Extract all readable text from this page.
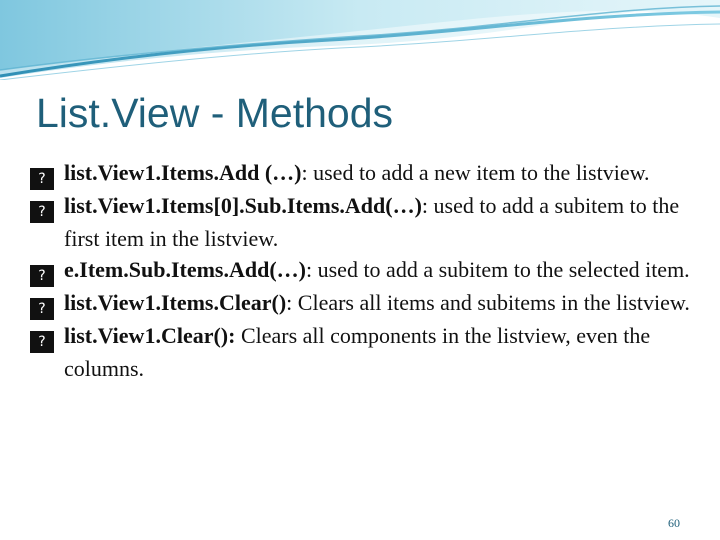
List.View - Methods
? list.View1.Items.Add (…): used to add a new item to the listview.
? list.View1.Items[0].Sub.Items.Add(…): used to add a subitem to the first item in the listview.
? e.Item.Sub.Items.Add(…): used to add a subitem to the selected item.
? list.View1.Items.Clear(): Clears all items and subitems in the listview.
? list.View1.Clear(): Clears all components in the listview, even the columns.
60
